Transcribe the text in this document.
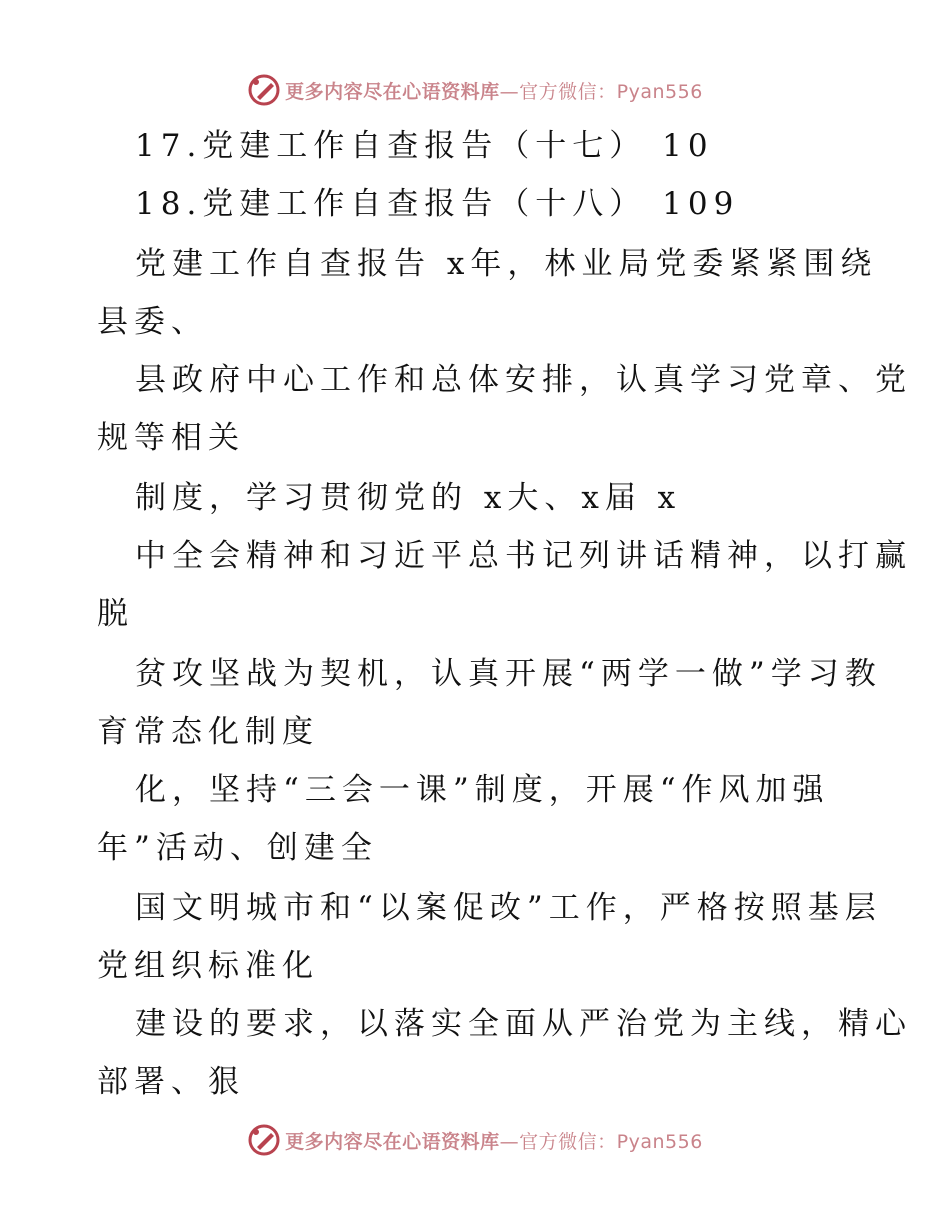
更多内容尽在心语资料库—官方微信：Pyan556
17.党建工作自查报告（十七） 10
18.党建工作自查报告（十八） 109
党建工作自查报告 x年，林业局党委紧紧围绕
县委、
县政府中心工作和总体安排，认真学习党章、党
规等相关
制度，学习贯彻党的 x大、x届 x
中全会精神和习近平总书记列讲话精神，以打赢
脱
贫攻坚战为契机，认真开展“两学一做”学习教
育常态化制度
化，坚持“三会一课”制度，开展“作风加强
年”活动、创建全
国文明城市和“以案促改”工作，严格按照基层
党组织标准化
建设的要求，以落实全面从严治党为主线，精心
部署、狠
更多内容尽在心语资料库—官方微信：Pyan556
